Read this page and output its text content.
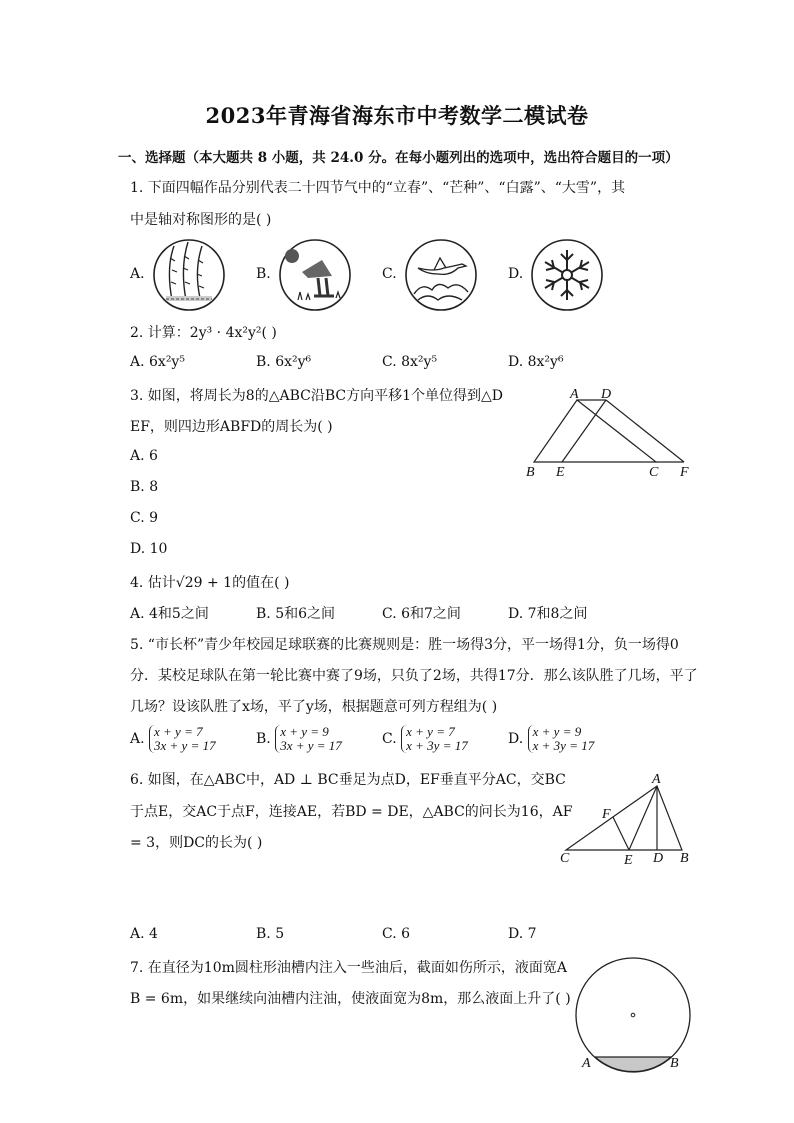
2023年青海省海东市中考数学二模试卷
一、选择题（本大题共 8 小题，共 24.0 分。在每小题列出的选项中，选出符合题目的一项）
1. 下面四幅作品分别代表二十四节气中的“立春”、“芒种”、“白露”、“大雪”，其
中是轴对称图形的是( )
A.	B.	C.	D.
2. 计算：2y³ · 4x²y²( )
A. 6x²y⁵	B. 6x²y⁶	C. 8x²y⁵	D. 8x²y⁶
3. 如图，将周长为8的△ABC沿BC方向平移1个单位得到△D
EF，则四边形ABFD的周长为( )
A. 6
B. 8
C. 9
D. 10
A D
B E	C F
4. 估计√29 + 1的值在( )
A. 4和5之间	B. 5和6之间	C. 6和7之间	D. 7和8之间
5. “市长杯”青少年校园足球联赛的比赛规则是：胜一场得3分，平一场得1分，负一场得0
分．某校足球队在第一轮比赛中赛了9场，只负了2场，共得17分．那么该队胜了几场，平了
几场？设该队胜了x场，平了y场，根据题意可列方程组为( )
A. x + y = 7
3x + y = 17	B. x + y = 9
3x + y = 17	C. x + y = 7
x + 3y = 17	D. x + y = 9
x + 3y = 17
6. 如图，在△ABC中，AD ⊥ BC垂足为点D，EF垂直平分AC，交BC
于点E，交AC于点F，连接AE，若BD = DE，△ABC的问长为16，AF
= 3，则DC的长为( )
A
F
C	E D B
A. 4	B. 5	C. 6	D. 7
7. 在直径为10m圆柱形油槽内注入一些油后，截面如伤所示，液面宽A
B = 6m，如果继续向油槽内注油，使液面宽为8m，那么液面上升了( )
A	B
